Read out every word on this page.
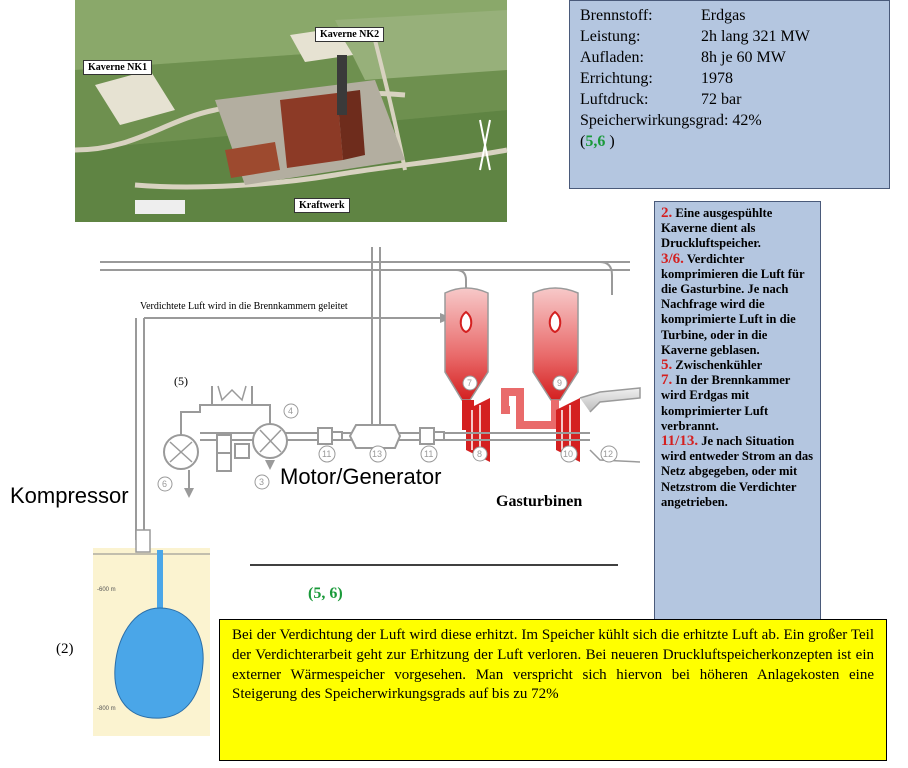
Kaverne NK1
Kaverne NK2
Kraftwerk
Brennstoff:	Erdgas
Leistung:	2h lang 321 MW
Aufladen:	8h je 60 MW
Errichtung:	1978
Luftdruck:	72 bar
Speicherwirkungsgrad: 42%
(5,6 )
2. Eine ausgespühlte Kaverne dient als Druckluftspeicher.
3/6. Verdichter komprimieren die Luft für die Gasturbine. Je nach Nachfrage wird die komprimierte Luft in die Turbine, oder in die Kaverne geblasen.
5. Zwischenkühler
7. In der Brennkammer wird Erdgas mit komprimierter Luft verbrannt.
11/13. Je nach Situation wird entweder Strom an das Netz abgegeben, oder mit Netzstrom die Verdichter angetrieben.
-600 m
-800 m
Verdichtete Luft wird in die Brennkammern geleitet
3
4
6
7
8
9
10
11	11	12
13
(5)
Kompressor
Motor/Generator
Gasturbinen
(5, 6)
(2)
Bei der Verdichtung der Luft wird diese erhitzt. Im Speicher kühlt sich die erhitzte Luft ab. Ein großer Teil der Verdichterarbeit geht zur Erhitzung der Luft verloren. Bei neueren Druckluftspeicherkonzepten ist ein externer Wärmespeicher vorgesehen. Man verspricht sich hiervon bei höheren Anlagekosten eine Steigerung des Speicherwirkungsgrads auf bis zu 72%
